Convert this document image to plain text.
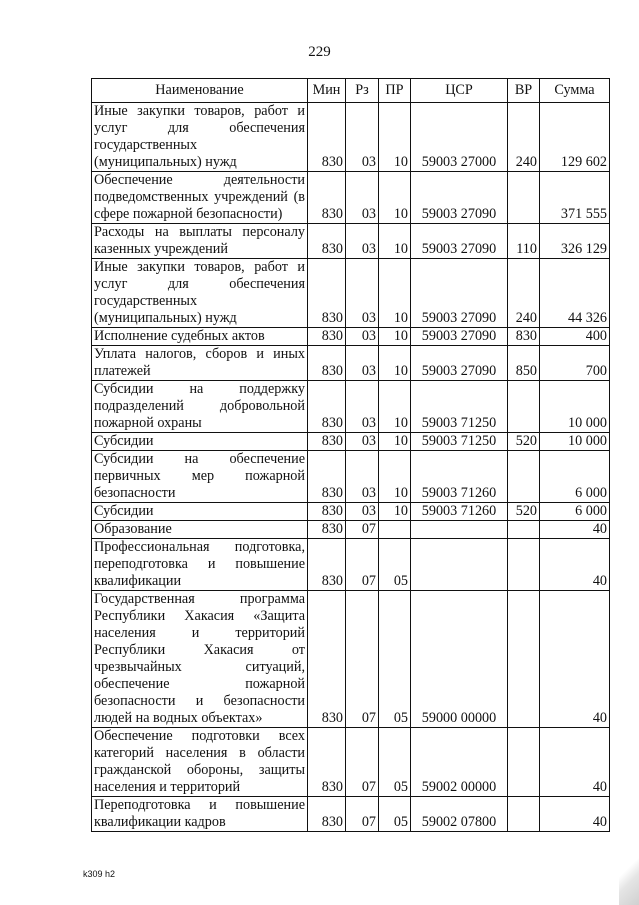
229
Наименование	Мин	Рз	ПР	ЦСР	ВР	Сумма
Иные закупки товаров, работ и услуг для обеспечения государственных (муниципальных) нужд	830	03	10	59003 27000	240	129 602
Обеспечение деятельности подведомственных учреждений (в сфере пожарной безопасности)	830	03	10	59003 27090		371 555
Расходы на выплаты персоналу казенных учреждений	830	03	10	59003 27090	110	326 129
Иные закупки товаров, работ и услуг для обеспечения государственных (муниципальных) нужд	830	03	10	59003 27090	240	44 326
Исполнение судебных актов	830	03	10	59003 27090	830	400
Уплата налогов, сборов и иных платежей	830	03	10	59003 27090	850	700
Субсидии на поддержку подразделений добровольной пожарной охраны	830	03	10	59003 71250		10 000
Субсидии	830	03	10	59003 71250	520	10 000
Субсидии на обеспечение первичных мер пожарной безопасности	830	03	10	59003 71260		6 000
Субсидии	830	03	10	59003 71260	520	6 000
Образование	830	07				40
Профессиональная подготовка, переподготовка и повышение квалификации	830	07	05			40
Государственная программа Республики Хакасия «Защита населения и территорий Республики Хакасия от чрезвычайных ситуаций, обеспечение пожарной безопасности и безопасности людей на водных объектах»	830	07	05	59000 00000		40
Обеспечение подготовки всех категорий населения в области гражданской обороны, защиты населения и территорий	830	07	05	59002 00000		40
Переподготовка и повышение квалификации кадров	830	07	05	59002 07800		40
k309 h2
